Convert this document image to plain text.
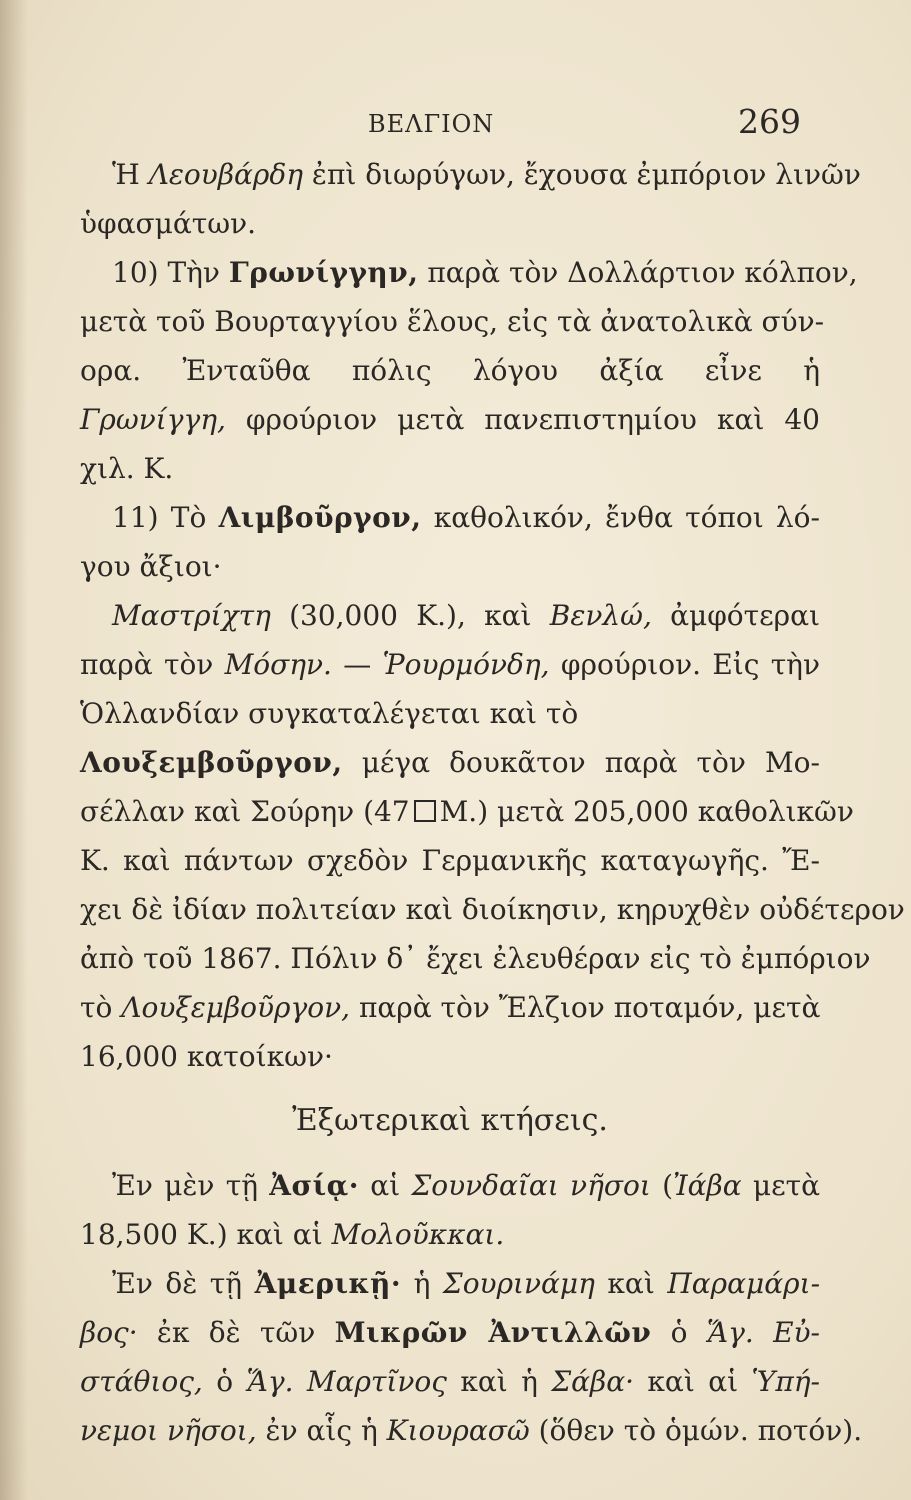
ΒΕΛΓΙΟΝ	269
Ἡ Λεουβάρδη ἐπὶ διωρύγων, ἔχουσα ἐμπόριον λινῶν
ὑφασμάτων.
10) Τὴν Γρωνίγγην, παρὰ τὸν Δολλάρτιον κόλπον,
μετὰ τοῦ Βουρταγγίου ἕλους, εἰς τὰ ἀνατολικὰ σύν-
ορα. Ἐνταῦθα πόλις λόγου ἀξία εἶνε ἡ
Γρωνίγγη, φρούριον μετὰ πανεπιστημίου καὶ 40
χιλ. Κ.
11) Τὸ Λιμβοῦργον, καθολικόν, ἔνθα τόποι λό-
γου ἄξιοι·
Μαστρίχτη (30,000 Κ.), καὶ Βενλώ, ἀμφότεραι
παρὰ τὸν Μόσην. — Ῥουρμόνδη, φρούριον. Εἰς τὴν
Ὁλλανδίαν συγκαταλέγεται καὶ τὸ
Λουξεμβοῦργον, μέγα δουκᾶτον παρὰ τὸν Μο-
σέλλαν καὶ Σούρην (47 Μ.) μετὰ 205,000 καθολικῶν
Κ. καὶ πάντων σχεδὸν Γερμανικῆς καταγωγῆς. Ἔ-
χει δὲ ἰδίαν πολιτείαν καὶ διοίκησιν, κηρυχθὲν οὐδέτερον
ἀπὸ τοῦ 1867. Πόλιν δ᾽ ἔχει ἐλευθέραν εἰς τὸ ἐμπόριον
τὸ Λουξεμβοῦργον, παρὰ τὸν Ἔλζιον ποταμόν, μετὰ
16,000 κατοίκων·
Ἐξωτερικαὶ κτήσεις.
Ἐν μὲν τῇ Ἀσίᾳ· αἱ Σουνδαῖαι νῆσοι (Ἰάβα μετὰ
18,500 Κ.) καὶ αἱ Μολοῦκκαι.
Ἐν δὲ τῇ Ἀμερικῇ· ἡ Σουρινάμη καὶ Παραμάρι-
βος· ἐκ δὲ τῶν Μικρῶν Ἀντιλλῶν ὁ Ἅγ. Εὐ-
στάθιος, ὁ Ἅγ. Μαρτῖνος καὶ ἡ Σάβα· καὶ αἱ Ὑπή-
νεμοι νῆσοι, ἐν αἷς ἡ Κιουρασῶ (ὅθεν τὸ ὁμών. ποτόν).
